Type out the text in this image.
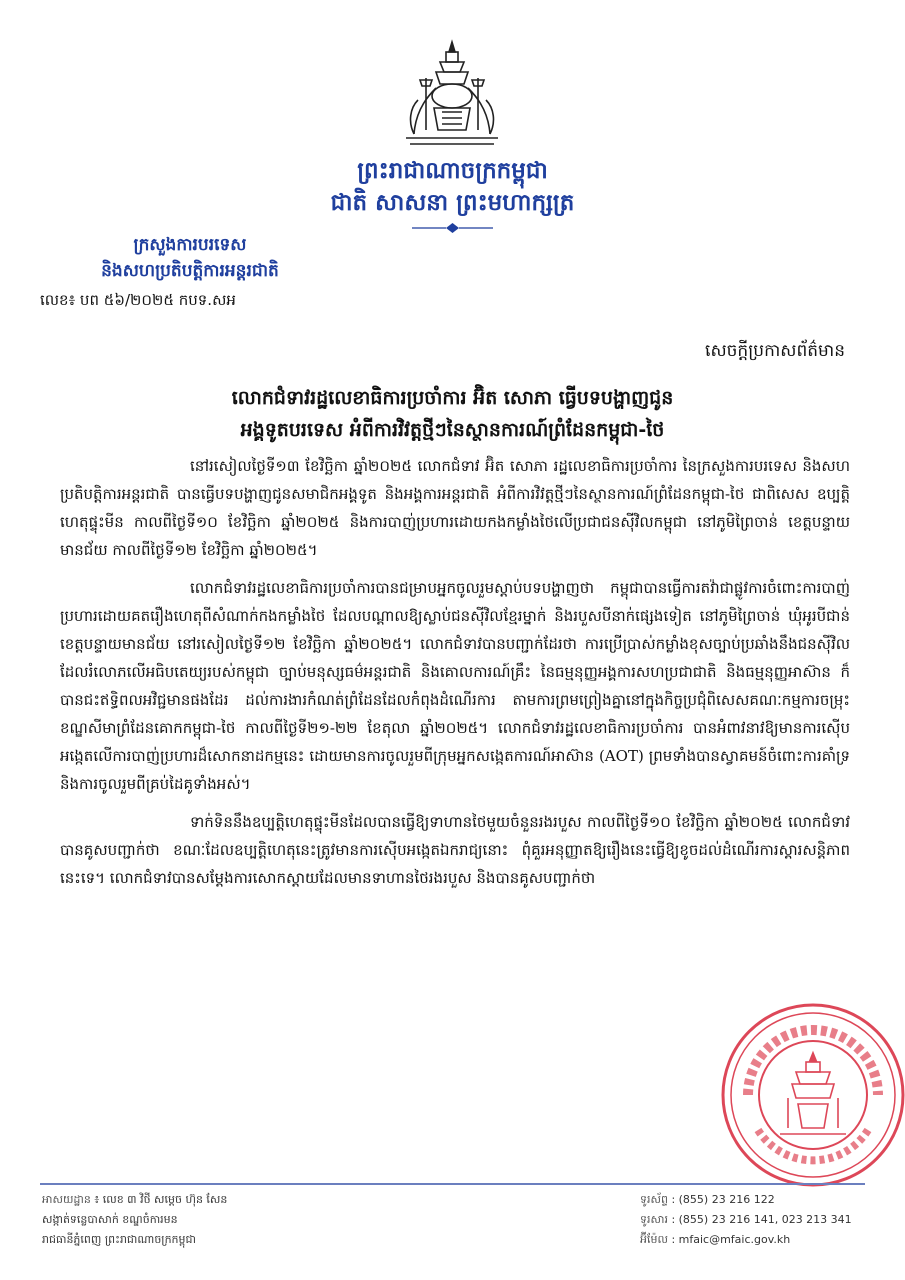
ព្រះរាជាណាចក្រកម្ពុជា
ជាតិ សាសនា ព្រះមហាក្សត្រ
ក្រសួងការបរទេស
និងសហប្រតិបត្តិការអន្តរជាតិ
លេខ៖ បព ៥៦/២០២៥ កបទ.សអ
សេចក្តីប្រកាសព័ត៌មាន
លោកជំទាវរដ្ឋលេខាធិការប្រចាំការ អ៊ិត សោភា ធ្វើបទបង្ហាញជូន
អង្គទូតបរទេស អំពីការវិវត្តថ្មីៗនៃស្ថានការណ៍ព្រំដែនកម្ពុជា-ថៃ

នៅរសៀលថ្ងៃទី១៣ ខែវិច្ឆិកា ឆ្នាំ២០២៥ លោកជំទាវ អ៊ិត សោភា រដ្ឋលេខាធិការប្រចាំការ នៃក្រសួងការបរទេស និងសហប្រតិបត្តិការអន្តរជាតិ បានធ្វើបទបង្ហាញជូនសមាជិកអង្គទូត និងអង្គការអន្តរជាតិ អំពីការវិវត្តថ្មីៗនៃស្ថានការណ៍ព្រំដែនកម្ពុជា-ថៃ ជាពិសេស ឧប្បត្តិហេតុផ្ទុះមីន កាលពីថ្ងៃទី១០ ខែវិច្ឆិកា ឆ្នាំ២០២៥ និងការបាញ់ប្រហារដោយកងកម្លាំងថៃលើប្រជាជនស៊ីវិលកម្ពុជា នៅភូមិព្រៃចាន់ ខេត្តបន្ទាយមានជ័យ កាលពីថ្ងៃទី១២ ខែវិច្ឆិកា ឆ្នាំ២០២៥។

លោកជំទាវរដ្ឋលេខាធិការប្រចាំការបានជម្រាបអ្នកចូលរួមស្តាប់បទបង្ហាញថា កម្ពុជាបានធ្វើការតវ៉ាជាផ្លូវការចំពោះការបាញ់ប្រហារដោយគតរឿងហេតុពីសំណាក់កងកម្លាំងថៃ ដែលបណ្តាលឱ្យស្លាប់ជនស៊ីវិលខ្មែរម្នាក់ និងរបួសបីនាក់ផ្សេងទៀត នៅភូមិព្រៃចាន់ ឃុំអូរបីជាន់ ខេត្តបន្ទាយមានជ័យ នៅរសៀលថ្ងៃទី១២ ខែវិច្ឆិកា ឆ្នាំ២០២៥។ លោកជំទាវបានបញ្ជាក់ដែរថា ការប្រើប្រាស់កម្លាំងខុសច្បាប់ប្រឆាំងនឹងជនស៊ីវិល ដែលរំលោភលើអធិបតេយ្យរបស់កម្ពុជា ច្បាប់មនុស្សធម៌អន្តរជាតិ និងគោលការណ៍គ្រឹះ នៃធម្មនុញ្ញអង្គការសហប្រជាជាតិ និងធម្មនុញ្ញអាស៊ាន ក៏បានជះឥទ្ធិពលអវិជ្ជមានផងដែរ ដល់ការងារកំណត់ព្រំដែនដែលកំពុងដំណើរការ តាមការព្រមព្រៀងគ្នានៅក្នុងកិច្ចប្រជុំពិសេសគណៈកម្មការចម្រុះខណ្ឌសីមាព្រំដែនគោកកម្ពុជា-ថៃ កាលពីថ្ងៃទី២១-២២ ខែតុលា ឆ្នាំ២០២៥។ លោកជំទាវរដ្ឋលេខាធិការប្រចាំការ បានអំពាវនាវឱ្យមានការស៊ើបអង្កេតលើការបាញ់ប្រហារដ៏សោកនាដកម្មនេះ ដោយមានការចូលរួមពីក្រុមអ្នកសង្កេតការណ៍អាស៊ាន (AOT) ព្រមទាំងបានស្វាគមន៍ចំពោះការគាំទ្រ និងការចូលរួមពីគ្រប់ដៃគូទាំងអស់។

ទាក់ទិននឹងឧប្បត្តិហេតុផ្ទុះមីនដែលបានធ្វើឱ្យទាហានថៃមួយចំនួនរងរបួស កាលពីថ្ងៃទី១០ ខែវិច្ឆិកា ឆ្នាំ២០២៥ លោកជំទាវបានគូសបញ្ជាក់ថា ខណៈដែលឧប្បត្តិហេតុនេះត្រូវមានការស៊ើបអង្កេតឯករាជ្យនោះ ពុំគួរអនុញ្ញាតឱ្យរឿងនេះធ្វើឱ្យខូចដល់ដំណើរការស្តារសន្តិភាពនេះទេ។ លោកជំទាវបានសម្តែងការសោកស្តាយដែលមានទាហានថៃរងរបួស និងបានគូសបញ្ជាក់ថា

អាសយដ្ឋាន ៖ លេខ ៣ វិថី សម្តេច ហ៊ុន សែន
សង្កាត់ទន្លេបាសាក់ ខណ្ឌចំការមន
រាជធានីភ្នំពេញ ព្រះរាជាណាចក្រកម្ពុជា
ទូរស័ព្ទ : (855) 23 216 122
ទូរសារ : (855) 23 216 141, 023 213 341
អ៊ីម៉ែល : mfaic@mfaic.gov.kh
